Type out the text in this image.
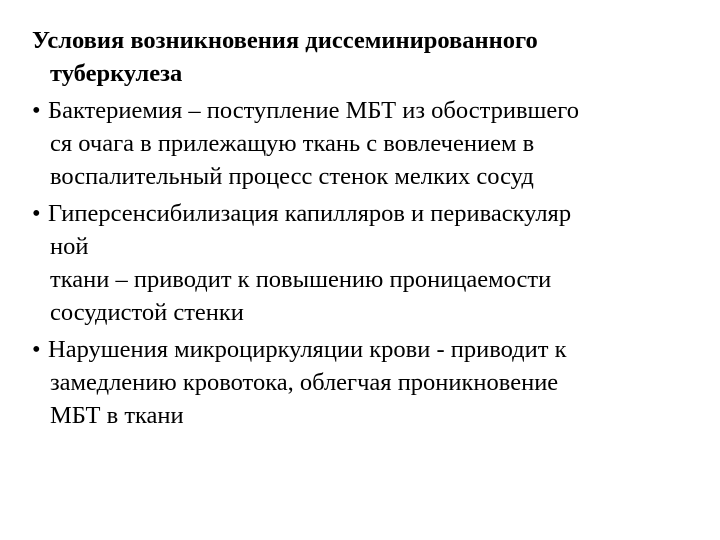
Условия возникновения диссеминированного
туберкулеза
• Бактериемия – поступление МБТ из обострившего
ся очага в прилежащую ткань с вовлечением в
воспалительный процесс стенок мелких сосуд
• Гиперсенсибилизация капилляров и периваскуляр
ной
ткани – приводит к повышению проницаемости
сосудистой стенки
• Нарушения микроциркуляции крови - приводит к
замедлению кровотока, облегчая проникновение
МБТ в ткани
